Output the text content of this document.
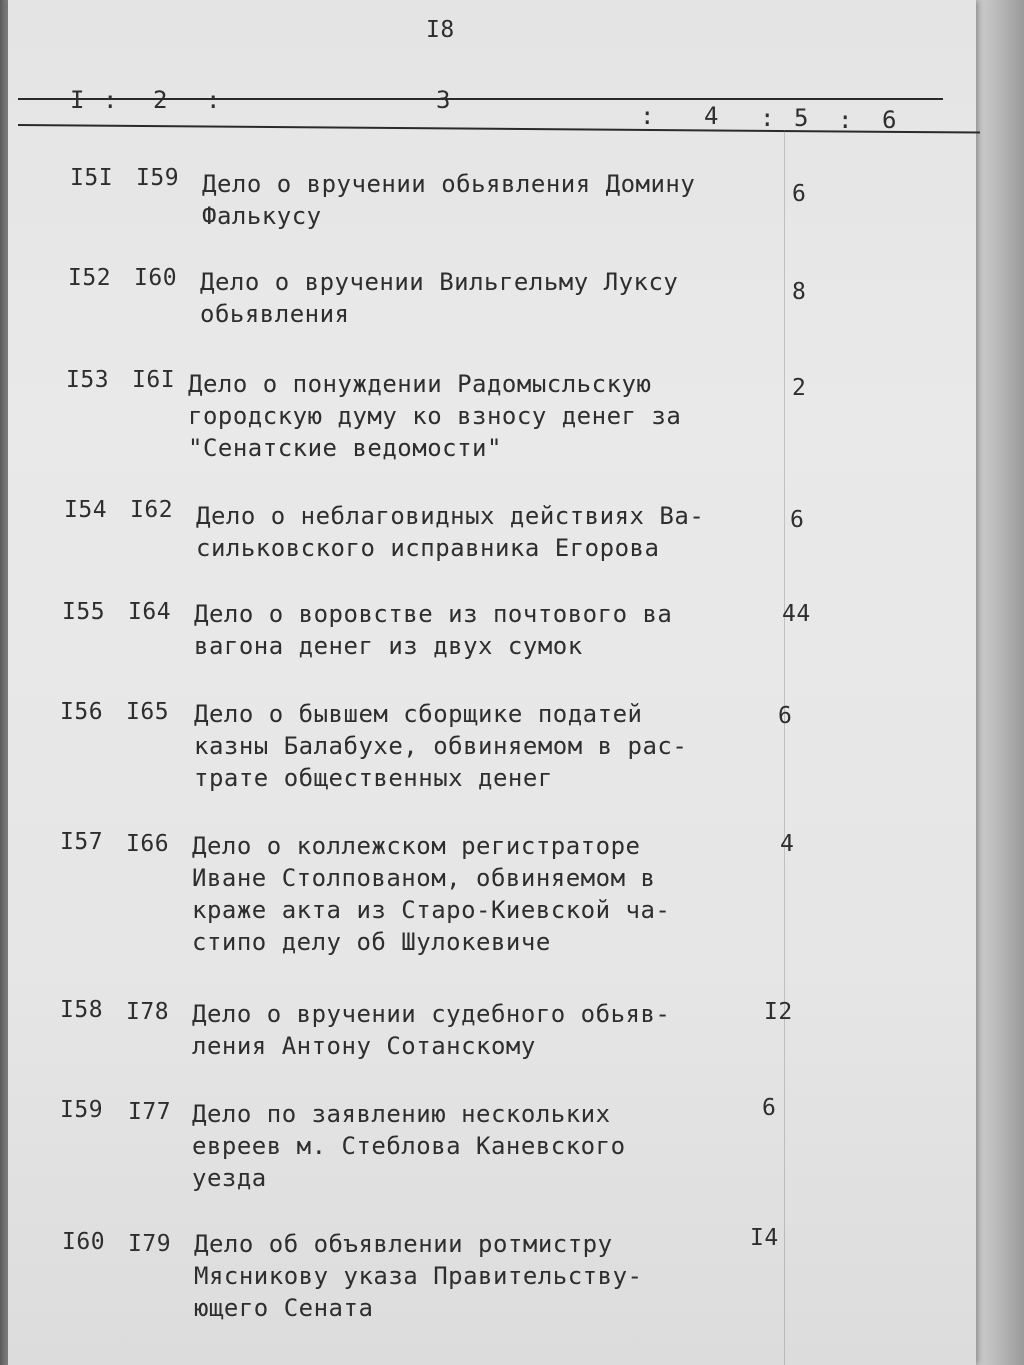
I8
I : 2 :	3
: 4 : 5 : 6
I5I I59 Дело о вручении обьявления Домину
Фалькусу
6
I52 I60 Дело о вручении Вильгельму Луксу
обьявления
8
I53 I6I Дело о понуждении Радомысльскую
городскую думу ко взносу денег за
"Сенатские ведомости"
2
I54 I62 Дело о неблаговидных действиях Ва-
сильковского исправника Егорова
6
I55 I64 Дело о воровстве из почтового ва
вагона денег из двух сумок
44
I56 I65 Дело о бывшем сборщике податей
казны Балабухе, обвиняемом в рас-
трате общественных денег
6
I57 I66 Дело о коллежском регистраторе
Иване Столпованом, обвиняемом в
краже акта из Старо-Киевской ча-
стипо делу об Шулокевиче
4
I58 I78 Дело о вручении судебного обьяв-
ления Антону Сотанскому
I2
I59 I77 Дело по заявлению нескольких
евреев м. Стеблова Каневского
уезда
6
I60 I79 Дело об объявлении ротмистру
Мясникову указа Правительству-
ющего Сената
I4
